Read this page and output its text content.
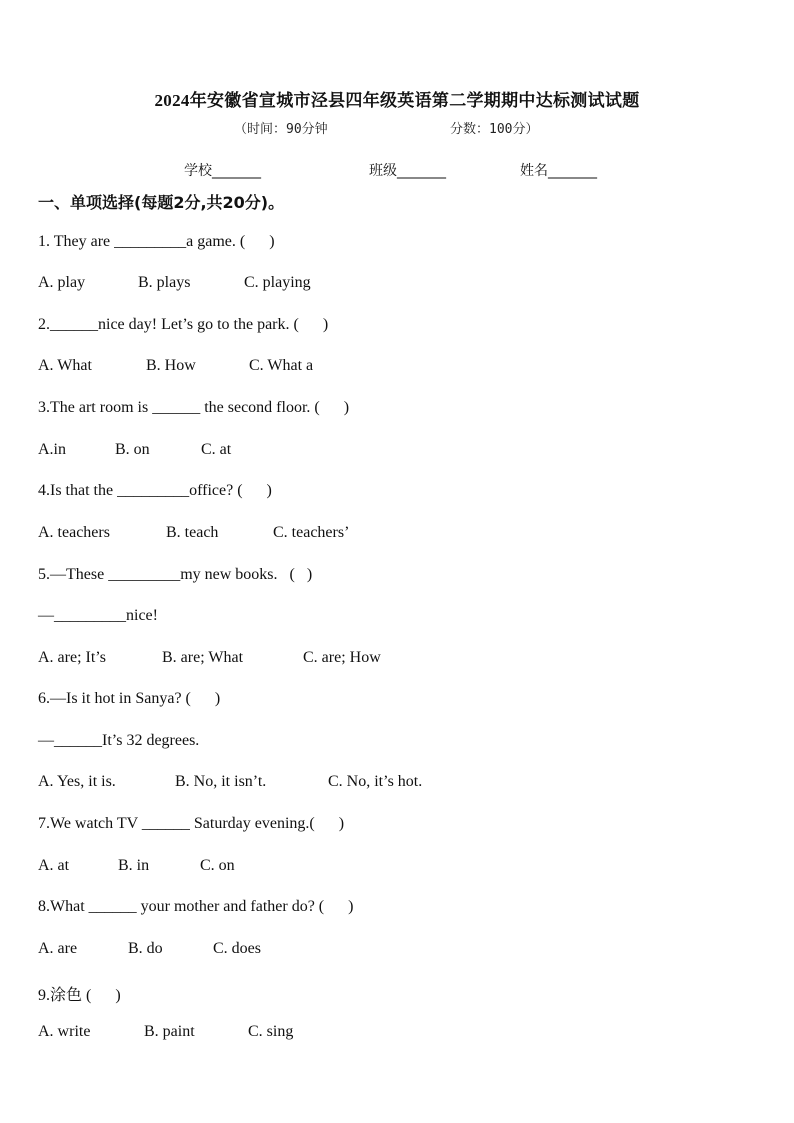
2024年安徽省宣城市泾县四年级英语第二学期期中达标测试试题
（时间：90分钟	分数：100分）
学校_______	班级_______	姓名_______
一、单项选择(每题2分,共20分)。
1. They are _________a game. (      )
A. play	B. plays	C. playing
2.______nice day! Let’s go to the park. (      )
A. What	B. How	C. What a
3.The art room is ______ the second floor. (      )
A.in	B. on	C. at
4.Is that the _________office? (      )
A. teachers	B. teach	C. teachers’
5.—These _________my new books.   (   )
—_________nice!
A. are; It’s	B. are; What	C. are; How
6.—Is it hot in Sanya? (      )
—______It’s 32 degrees.
A. Yes, it is.	B. No, it isn’t.	C. No, it’s hot.
7.We watch TV ______ Saturday evening.(      )
A. at	B. in	C. on
8.What ______ your mother and father do? (      )
A. are	B. do	C. does
9.涂色 (      )
A. write	B. paint	C. sing
